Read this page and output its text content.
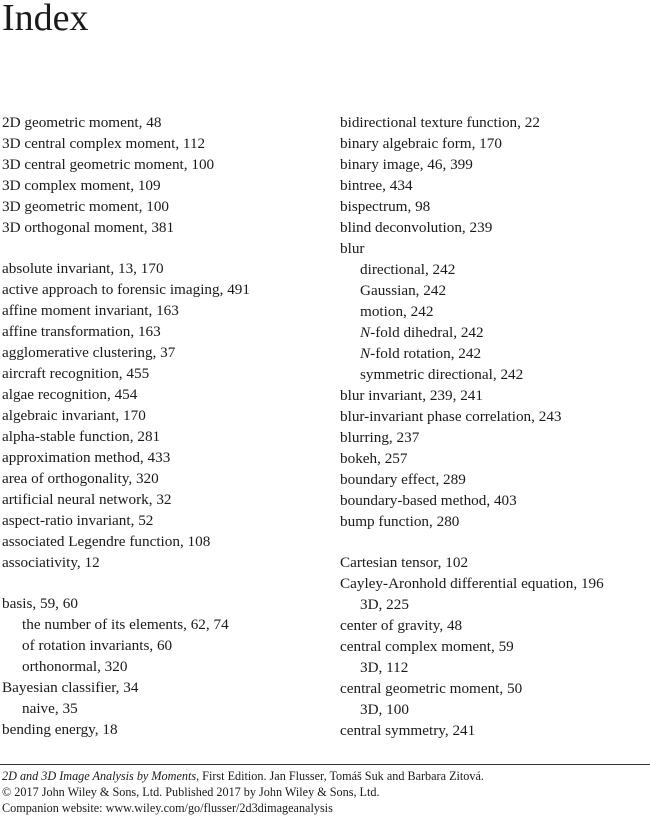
Index
2D geometric moment, 48
3D central complex moment, 112
3D central geometric moment, 100
3D complex moment, 109
3D geometric moment, 100
3D orthogonal moment, 381
absolute invariant, 13, 170
active approach to forensic imaging, 491
affine moment invariant, 163
affine transformation, 163
agglomerative clustering, 37
aircraft recognition, 455
algae recognition, 454
algebraic invariant, 170
alpha-stable function, 281
approximation method, 433
area of orthogonality, 320
artificial neural network, 32
aspect-ratio invariant, 52
associated Legendre function, 108
associativity, 12
basis, 59, 60
the number of its elements, 62, 74
of rotation invariants, 60
orthonormal, 320
Bayesian classifier, 34
naive, 35
bending energy, 18
bidirectional texture function, 22
binary algebraic form, 170
binary image, 46, 399
bintree, 434
bispectrum, 98
blind deconvolution, 239
blur
directional, 242
Gaussian, 242
motion, 242
N-fold dihedral, 242
N-fold rotation, 242
symmetric directional, 242
blur invariant, 239, 241
blur-invariant phase correlation, 243
blurring, 237
bokeh, 257
boundary effect, 289
boundary-based method, 403
bump function, 280
Cartesian tensor, 102
Cayley-Aronhold differential equation, 196
3D, 225
center of gravity, 48
central complex moment, 59
3D, 112
central geometric moment, 50
3D, 100
central symmetry, 241
2D and 3D Image Analysis by Moments, First Edition. Jan Flusser, Tomáš Suk and Barbara Zitová.
© 2017 John Wiley & Sons, Ltd. Published 2017 by John Wiley & Sons, Ltd.
Companion website: www.wiley.com/go/flusser/2d3dimageanalysis
